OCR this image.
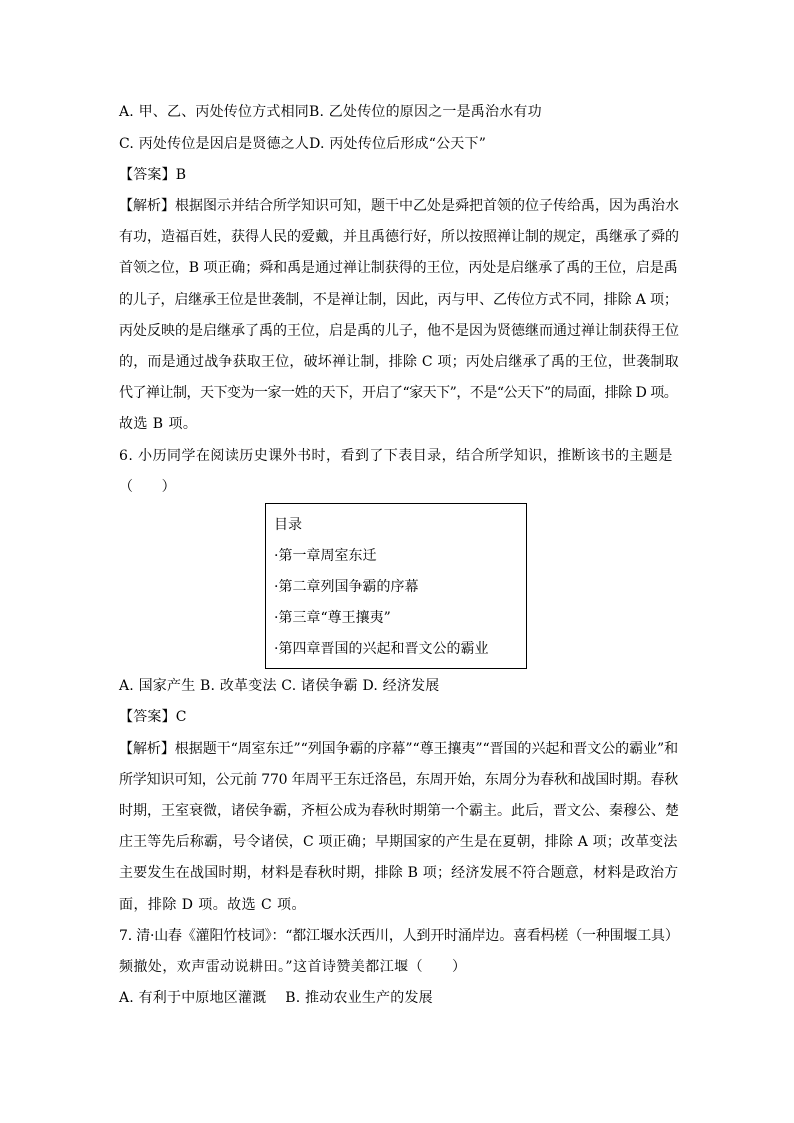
A. 甲、乙、丙处传位方式相同B. 乙处传位的原因之一是禹治水有功
C. 丙处传位是因启是贤德之人D. 丙处传位后形成“公天下”
【答案】B
【解析】根据图示并结合所学知识可知，题干中乙处是舜把首领的位子传给禹，因为禹治水
有功，造福百姓，获得人民的爱戴，并且禹德行好，所以按照禅让制的规定，禹继承了舜的
首领之位，B 项正确；舜和禹是通过禅让制获得的王位，丙处是启继承了禹的王位，启是禹
的儿子，启继承王位是世袭制，不是禅让制，因此，丙与甲、乙传位方式不同，排除 A 项；
丙处反映的是启继承了禹的王位，启是禹的儿子，他不是因为贤德继而通过禅让制获得王位
的，而是通过战争获取王位，破坏禅让制，排除 C 项；丙处启继承了禹的王位，世袭制取
代了禅让制，天下变为一家一姓的天下，开启了“家天下”，不是“公天下”的局面，排除 D 项。
故选 B 项。
6. 小历同学在阅读历史课外书时，看到了下表目录，结合所学知识，推断该书的主题是
（　　）
目录
·第一章周室东迁
·第二章列国争霸的序幕
·第三章“尊王攘夷”
·第四章晋国的兴起和晋文公的霸业
A. 国家产生 B. 改革变法 C. 诸侯争霸 D. 经济发展
【答案】C
【解析】根据题干“周室东迁”“列国争霸的序幕”“尊王攘夷”“晋国的兴起和晋文公的霸业”和
所学知识可知，公元前 770 年周平王东迁洛邑，东周开始，东周分为春秋和战国时期。春秋
时期，王室衰微，诸侯争霸，齐桓公成为春秋时期第一个霸主。此后，晋文公、秦穆公、楚
庄王等先后称霸，号令诸侯，C 项正确；早期国家的产生是在夏朝，排除 A 项；改革变法
主要发生在战国时期，材料是春秋时期，排除 B 项；经济发展不符合题意，材料是政治方
面，排除 D 项。故选 C 项。
7. 清·山春《灌阳竹枝词》：“都江堰水沃西川，人到开时涌岸边。喜看杩槎（一种围堰工具）
频撤处，欢声雷动说耕田。”这首诗赞美都江堰（　　）
A. 有利于中原地区灌溉　 B. 推动农业生产的发展
